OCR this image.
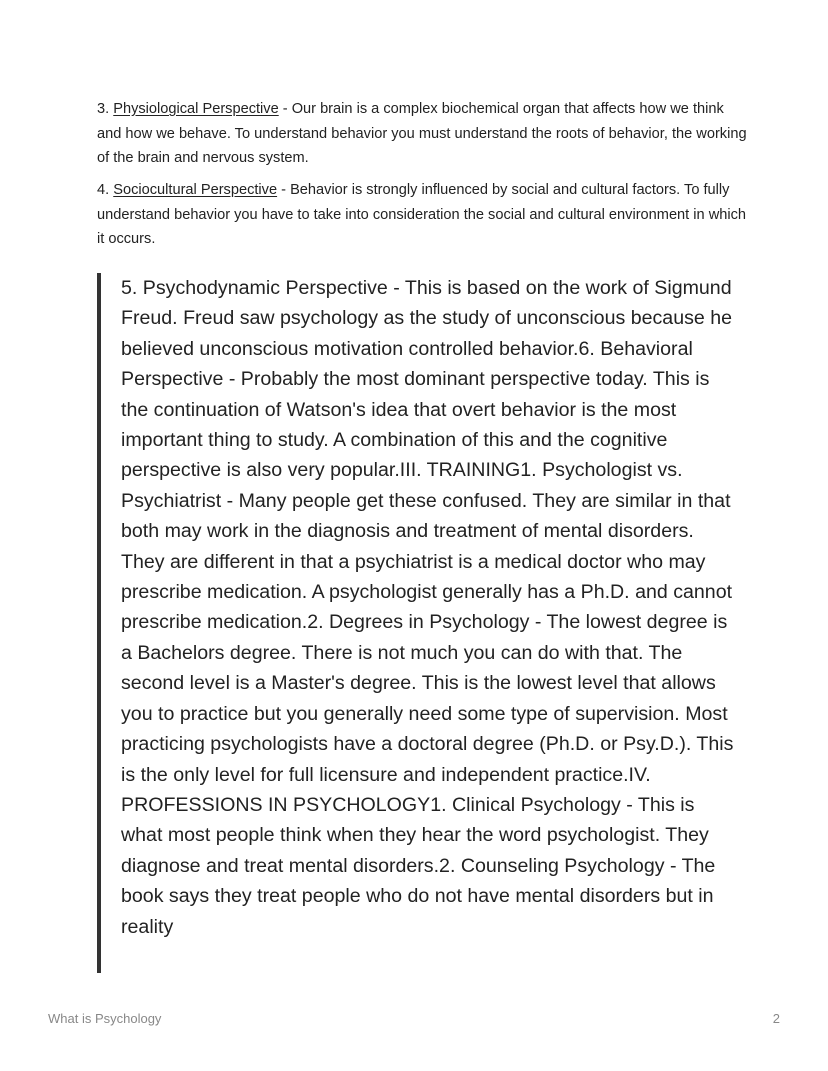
3. Physiological Perspective - Our brain is a complex biochemical organ that affects how we think and how we behave. To understand behavior you must understand the roots of behavior, the working of the brain and nervous system.

4. Sociocultural Perspective - Behavior is strongly influenced by social and cultural factors. To fully understand behavior you have to take into consideration the social and cultural environment in which it occurs.

5. Psychodynamic Perspective - This is based on the work of Sigmund Freud. Freud saw psychology as the study of unconscious because he believed unconscious motivation controlled behavior.6. Behavioral Perspective - Probably the most dominant perspective today. This is the continuation of Watson's idea that overt behavior is the most important thing to study. A combination of this and the cognitive perspective is also very popular.III. TRAINING1. Psychologist vs. Psychiatrist - Many people get these confused. They are similar in that both may work in the diagnosis and treatment of mental disorders. They are different in that a psychiatrist is a medical doctor who may prescribe medication. A psychologist generally has a Ph.D. and cannot prescribe medication.2. Degrees in Psychology - The lowest degree is a Bachelors degree. There is not much you can do with that. The second level is a Master's degree. This is the lowest level that allows you to practice but you generally need some type of supervision. Most practicing psychologists have a doctoral degree (Ph.D. or Psy.D.). This is the only level for full licensure and independent practice.IV. PROFESSIONS IN PSYCHOLOGY1. Clinical Psychology - This is what most people think when they hear the word psychologist. They diagnose and treat mental disorders.2. Counseling Psychology - The book says they treat people who do not have mental disorders but in reality

What is Psychology	2
